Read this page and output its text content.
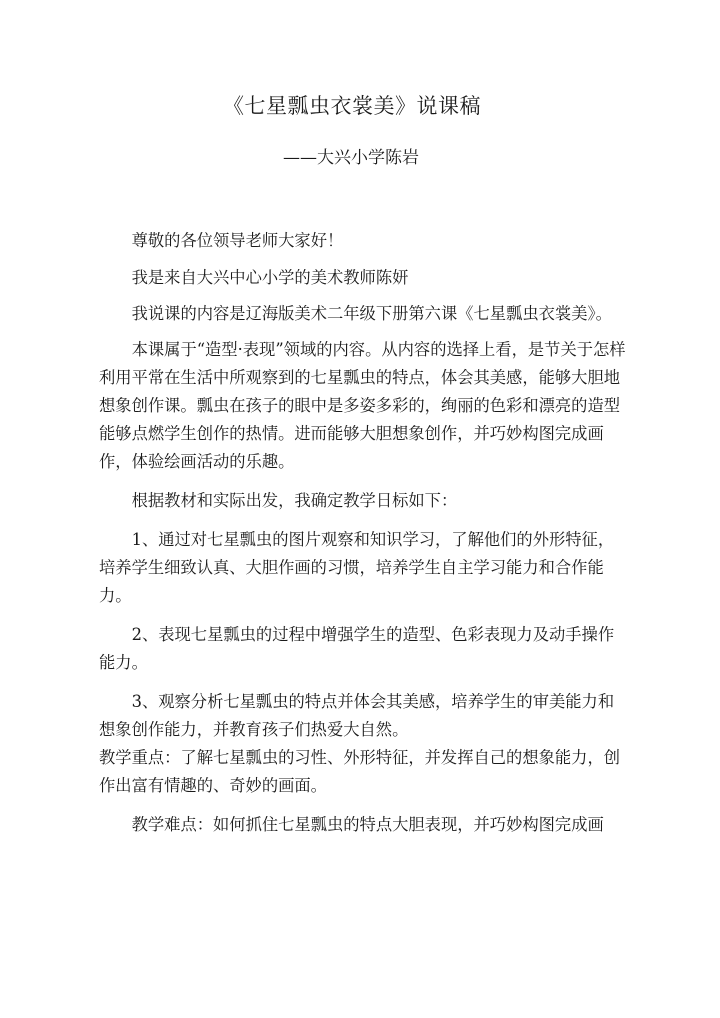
《七星瓢虫衣裳美》说课稿
——大兴小学陈岩

尊敬的各位领导老师大家好！

我是来自大兴中心小学的美术教师陈妍

我说课的内容是辽海版美术二年级下册第六课《七星瓢虫衣裳美》。

本课属于“造型·表现”领域的内容。从内容的选择上看，是节关于怎样利用平常在生活中所观察到的七星瓢虫的特点，体会其美感，能够大胆地想象创作课。瓢虫在孩子的眼中是多姿多彩的，绚丽的色彩和漂亮的造型能够点燃学生创作的热情。进而能够大胆想象创作，并巧妙构图完成画作，体验绘画活动的乐趣。

根据教材和实际出发，我确定教学日标如下：

1、通过对七星瓢虫的图片观察和知识学习，了解他们的外形特征，培养学生细致认真、大胆作画的习惯，培养学生自主学习能力和合作能力。

2、表现七星瓢虫的过程中增强学生的造型、色彩表现力及动手操作能力。

3、观察分析七星瓢虫的特点并体会其美感，培养学生的审美能力和想象创作能力，并教育孩子们热爱大自然。

教学重点：了解七星瓢虫的习性、外形特征，并发挥自己的想象能力，创作出富有情趣的、奇妙的画面。

教学难点：如何抓住七星瓢虫的特点大胆表现，并巧妙构图完成画
